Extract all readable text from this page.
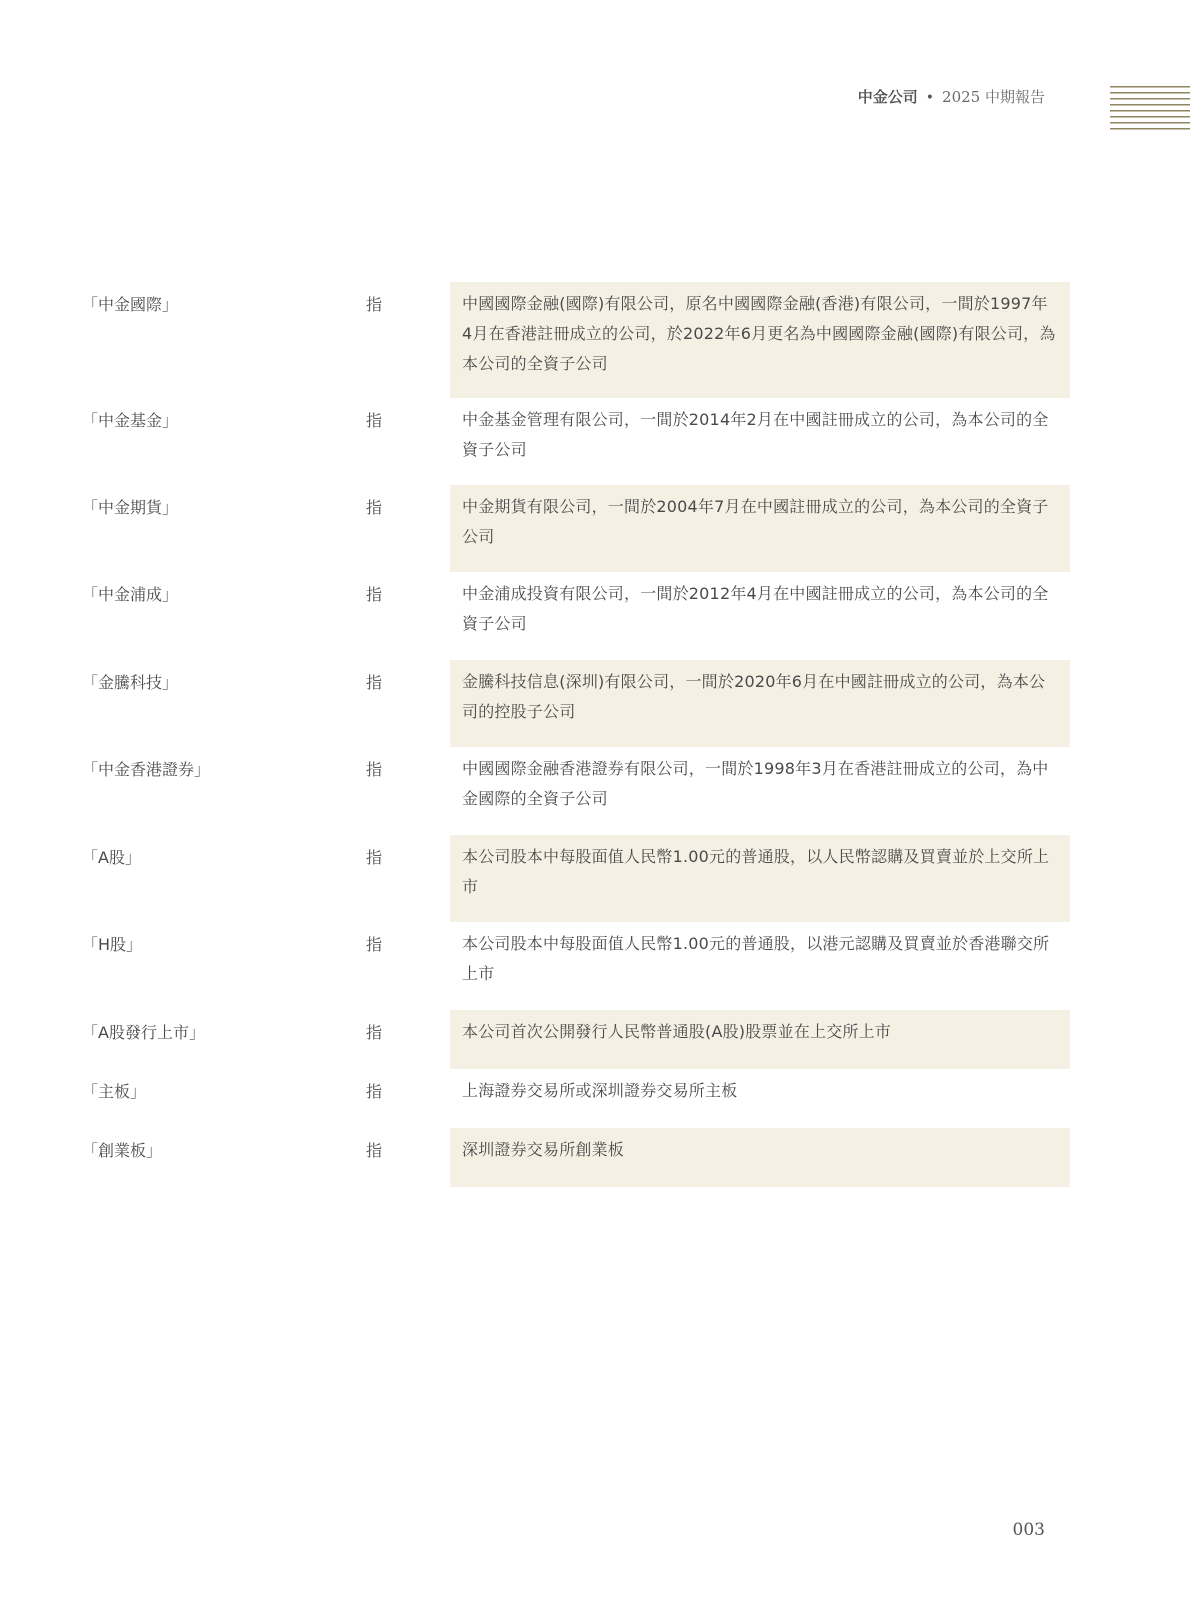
中金公司 • 2025 中期報告
「中金國際」	指	中國國際金融(國際)有限公司，原名中國國際金融(香港)有限公司，一間於1997年4月在香港註冊成立的公司，於2022年6月更名為中國國際金融(國際)有限公司，為本公司的全資子公司
「中金基金」	指	中金基金管理有限公司，一間於2014年2月在中國註冊成立的公司，為本公司的全資子公司
「中金期貨」	指	中金期貨有限公司，一間於2004年7月在中國註冊成立的公司，為本公司的全資子公司
「中金浦成」	指	中金浦成投資有限公司，一間於2012年4月在中國註冊成立的公司，為本公司的全資子公司
「金騰科技」	指	金騰科技信息(深圳)有限公司，一間於2020年6月在中國註冊成立的公司，為本公司的控股子公司
「中金香港證券」	指	中國國際金融香港證券有限公司，一間於1998年3月在香港註冊成立的公司，為中金國際的全資子公司
「A股」	指	本公司股本中每股面值人民幣1.00元的普通股，以人民幣認購及買賣並於上交所上市
「H股」	指	本公司股本中每股面值人民幣1.00元的普通股，以港元認購及買賣並於香港聯交所上市
「A股發行上市」	指	本公司首次公開發行人民幣普通股(A股)股票並在上交所上市
「主板」	指	上海證券交易所或深圳證券交易所主板
「創業板」	指	深圳證券交易所創業板
003
